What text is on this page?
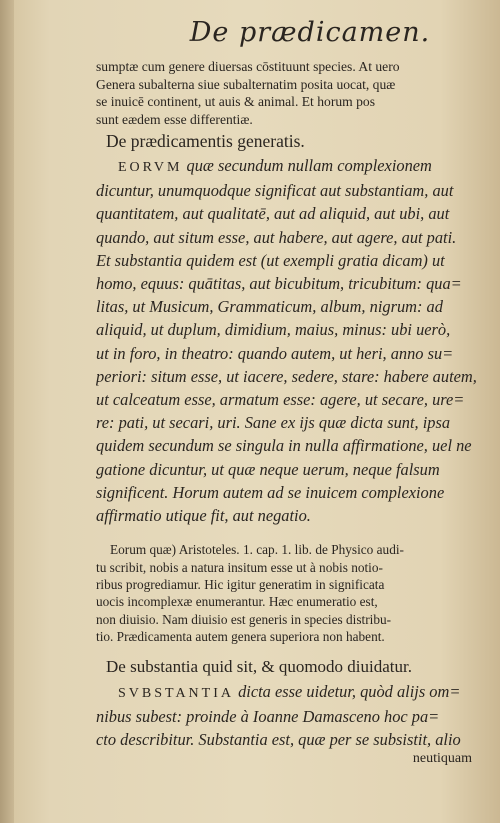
De prædicamen.
sumptæ cum genere diuersas cōstituunt species. At uero
Genera subalterna siue subalternatim posita uocat, quæ
se inuicē continent, ut auis & animal. Et horum pos
sunt eædem esse differentiæ.
De prædicamentis generatis.
EORVM quæ secundum nullam complexionem
dicuntur, unumquodque significat aut substantiam, aut
quantitatem, aut qualitatē, aut ad aliquid, aut ubi, aut
quando, aut situm esse, aut habere, aut agere, aut pati.
Et substantia quidem est (ut exempli gratia dicam) ut
homo, equus: quātitas, aut bicubitum, tricubitum: qua=
litas, ut Musicum, Grammaticum, album, nigrum: ad
aliquid, ut duplum, dimidium, maius, minus: ubi uerò,
ut in foro, in theatro: quando autem, ut heri, anno su=
periori: situm esse, ut iacere, sedere, stare: habere autem,
ut calceatum esse, armatum esse: agere, ut secare, ure=
re: pati, ut secari, uri. Sane ex ijs quæ dicta sunt, ipsa
quidem secundum se singula in nulla affirmatione, uel ne
gatione dicuntur, ut quæ neque uerum, neque falsum
significent. Horum autem ad se inuicem complexione
affirmatio utique fit, aut negatio.
Eorum quæ) Aristoteles. 1. cap. 1. lib. de Physico audi-
tu scribit, nobis a natura insitum esse ut à nobis notio-
ribus progrediamur. Hic igitur generatim in significata
uocis incomplexæ enumerantur. Hæc enumeratio est,
non diuisio. Nam diuisio est generis in species distribu-
tio. Prædicamenta autem genera superiora non habent.
De substantia quid sit, & quomodo diuidatur.
SVBSTANTIA dicta esse uidetur, quòd alijs om=
nibus subest: proinde à Ioanne Damasceno hoc pa=
cto describitur. Substantia est, quæ per se subsistit, alio
neutiquam
